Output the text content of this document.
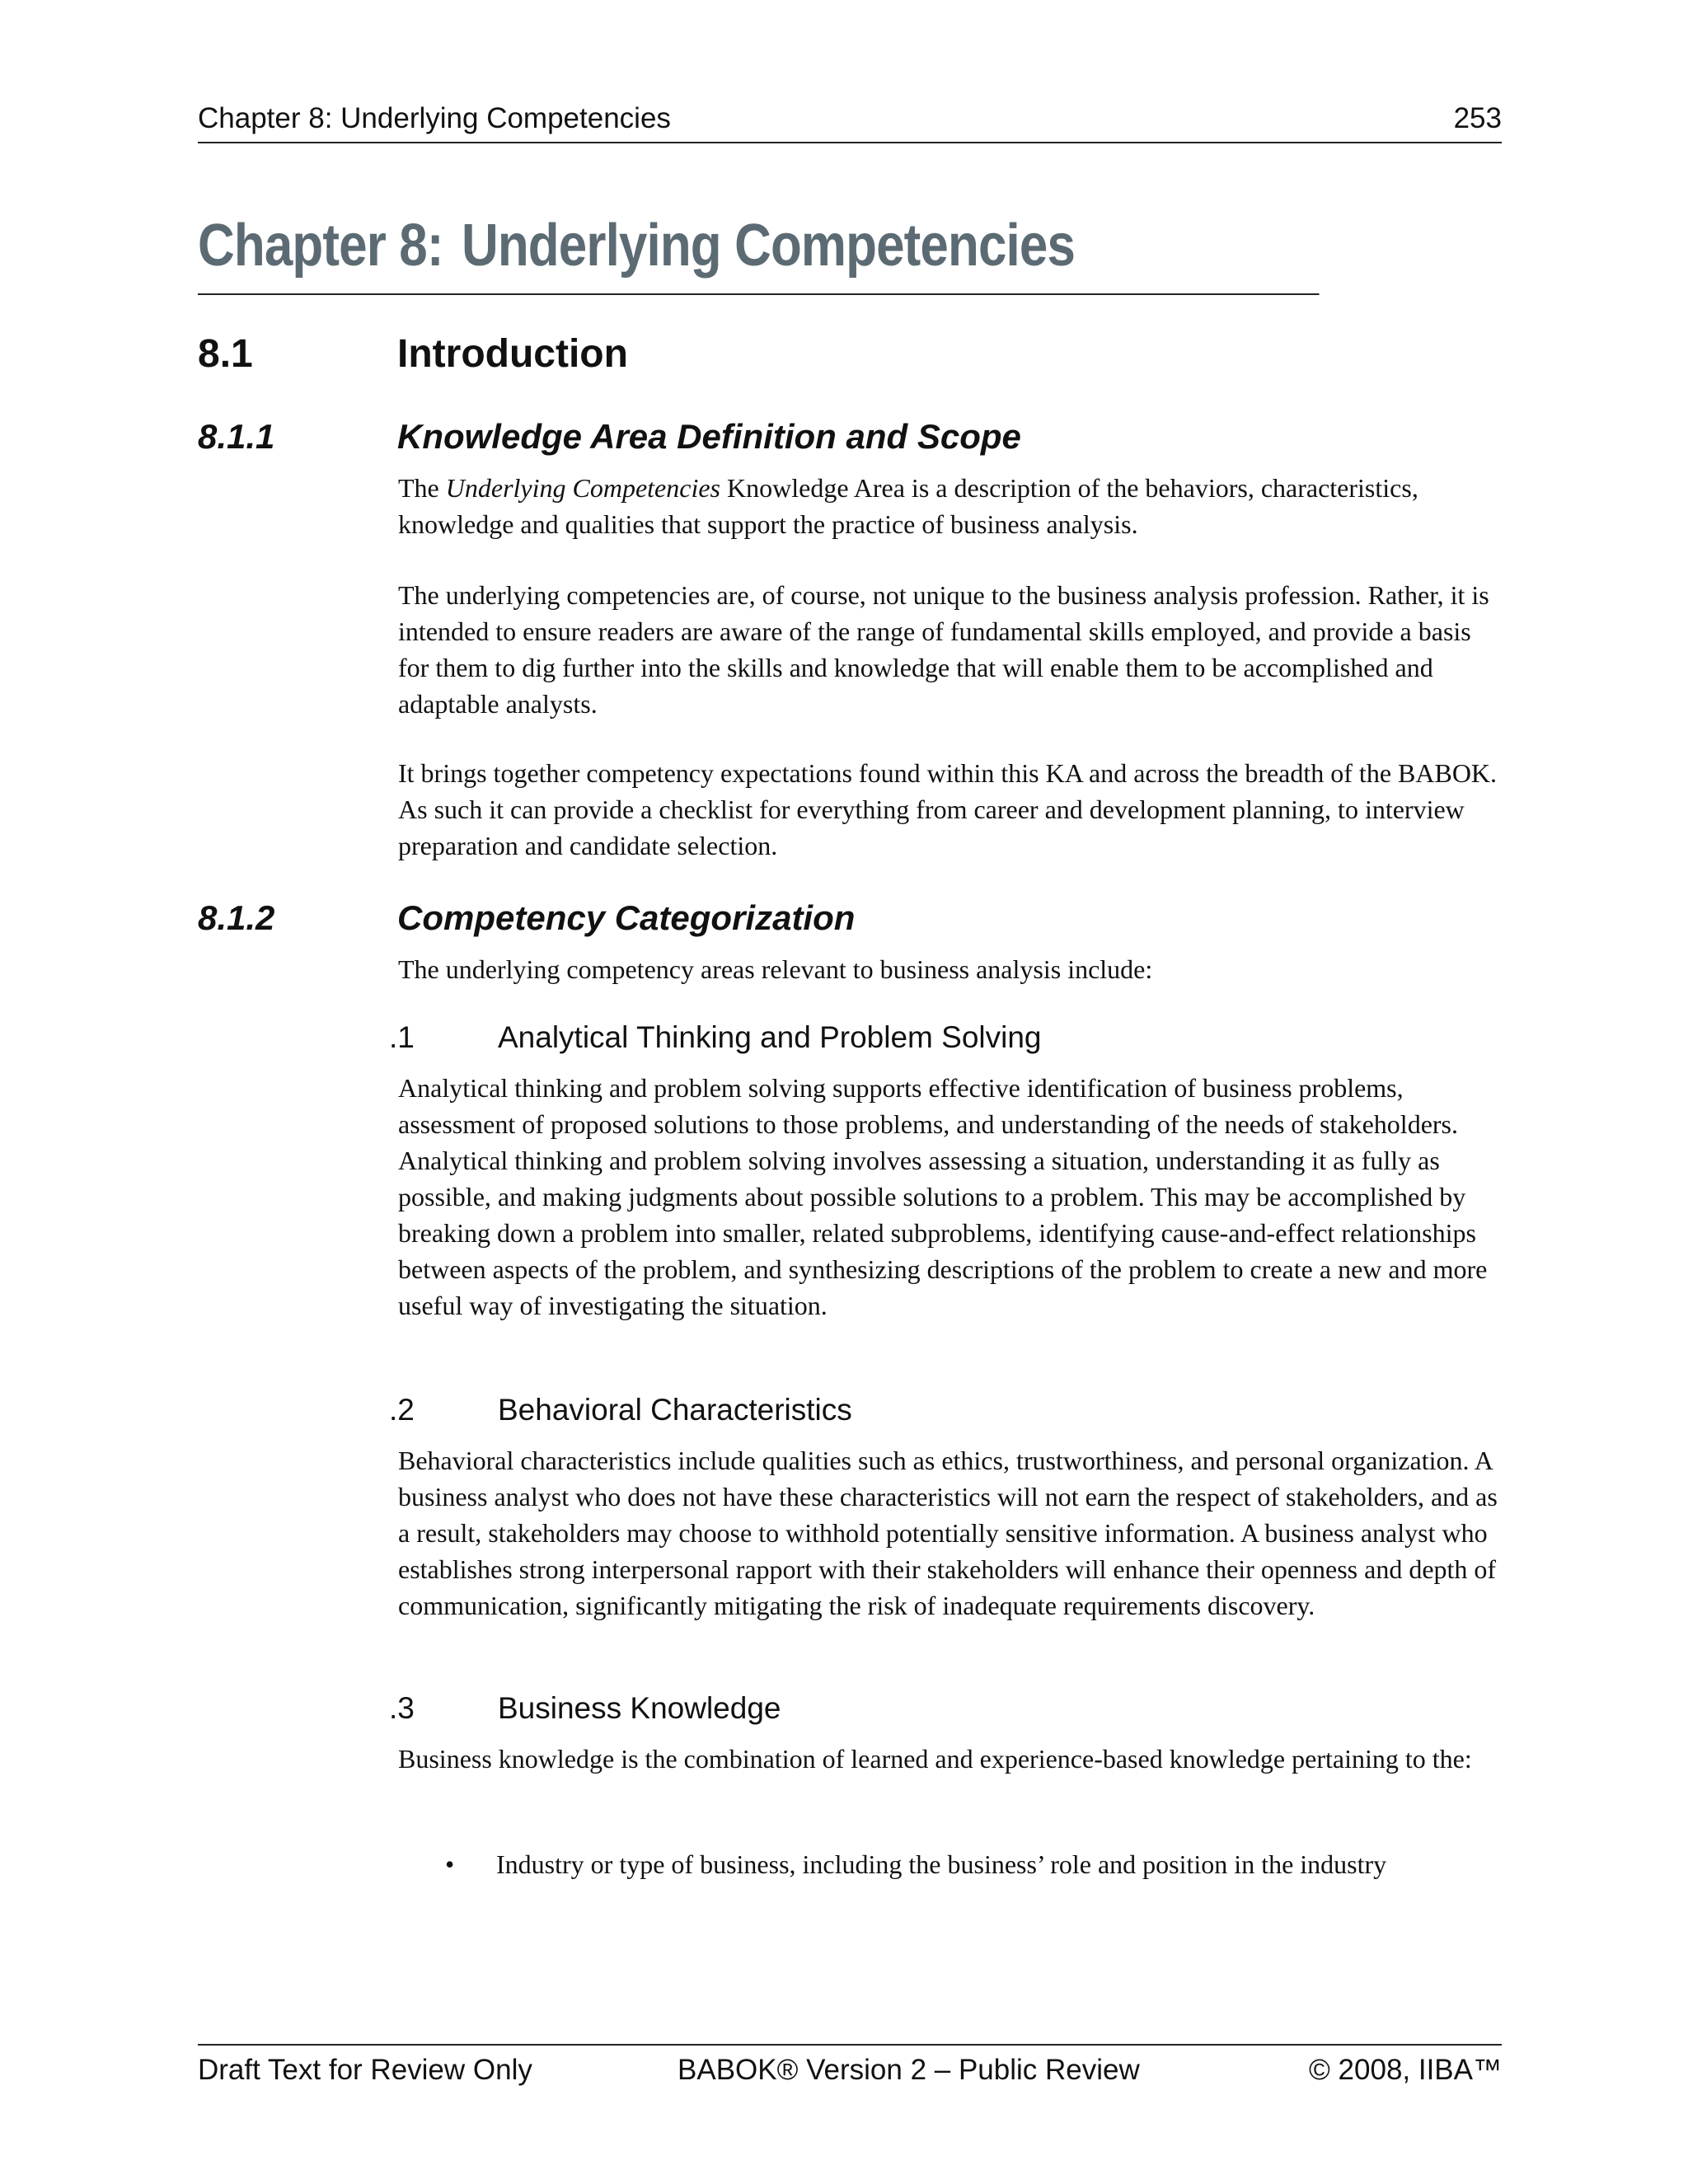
Chapter 8: Underlying Competencies	253
Chapter 8: Underlying Competencies
8.1	Introduction
8.1.1	Knowledge Area Definition and Scope

The Underlying Competencies Knowledge Area is a description of the behaviors, characteristics, knowledge and qualities that support the practice of business analysis.

The underlying competencies are, of course, not unique to the business analysis profession. Rather, it is intended to ensure readers are aware of the range of fundamental skills employed, and provide a basis for them to dig further into the skills and knowledge that will enable them to be accomplished and adaptable analysts.

It brings together competency expectations found within this KA and across the breadth of the BABOK. As such it can provide a checklist for everything from career and development planning, to interview preparation and candidate selection.

8.1.2	Competency Categorization

The underlying competency areas relevant to business analysis include:

.1	Analytical Thinking and Problem Solving

Analytical thinking and problem solving supports effective identification of business problems, assessment of proposed solutions to those problems, and understanding of the needs of stakeholders. Analytical thinking and problem solving involves assessing a situation, understanding it as fully as possible, and making judgments about possible solutions to a problem. This may be accomplished by breaking down a problem into smaller, related subproblems, identifying cause-and-effect relationships between aspects of the problem, and synthesizing descriptions of the problem to create a new and more useful way of investigating the situation.

.2	Behavioral Characteristics

Behavioral characteristics include qualities such as ethics, trustworthiness, and personal organization. A business analyst who does not have these characteristics will not earn the respect of stakeholders, and as a result, stakeholders may choose to withhold potentially sensitive information. A business analyst who establishes strong interpersonal rapport with their stakeholders will enhance their openness and depth of communication, significantly mitigating the risk of inadequate requirements discovery.

.3	Business Knowledge

Business knowledge is the combination of learned and experience-based knowledge pertaining to the:

• Industry or type of business, including the business’ role and position in the industry
Draft Text for Review Only	BABOK® Version 2 – Public Review	© 2008, IIBA™
